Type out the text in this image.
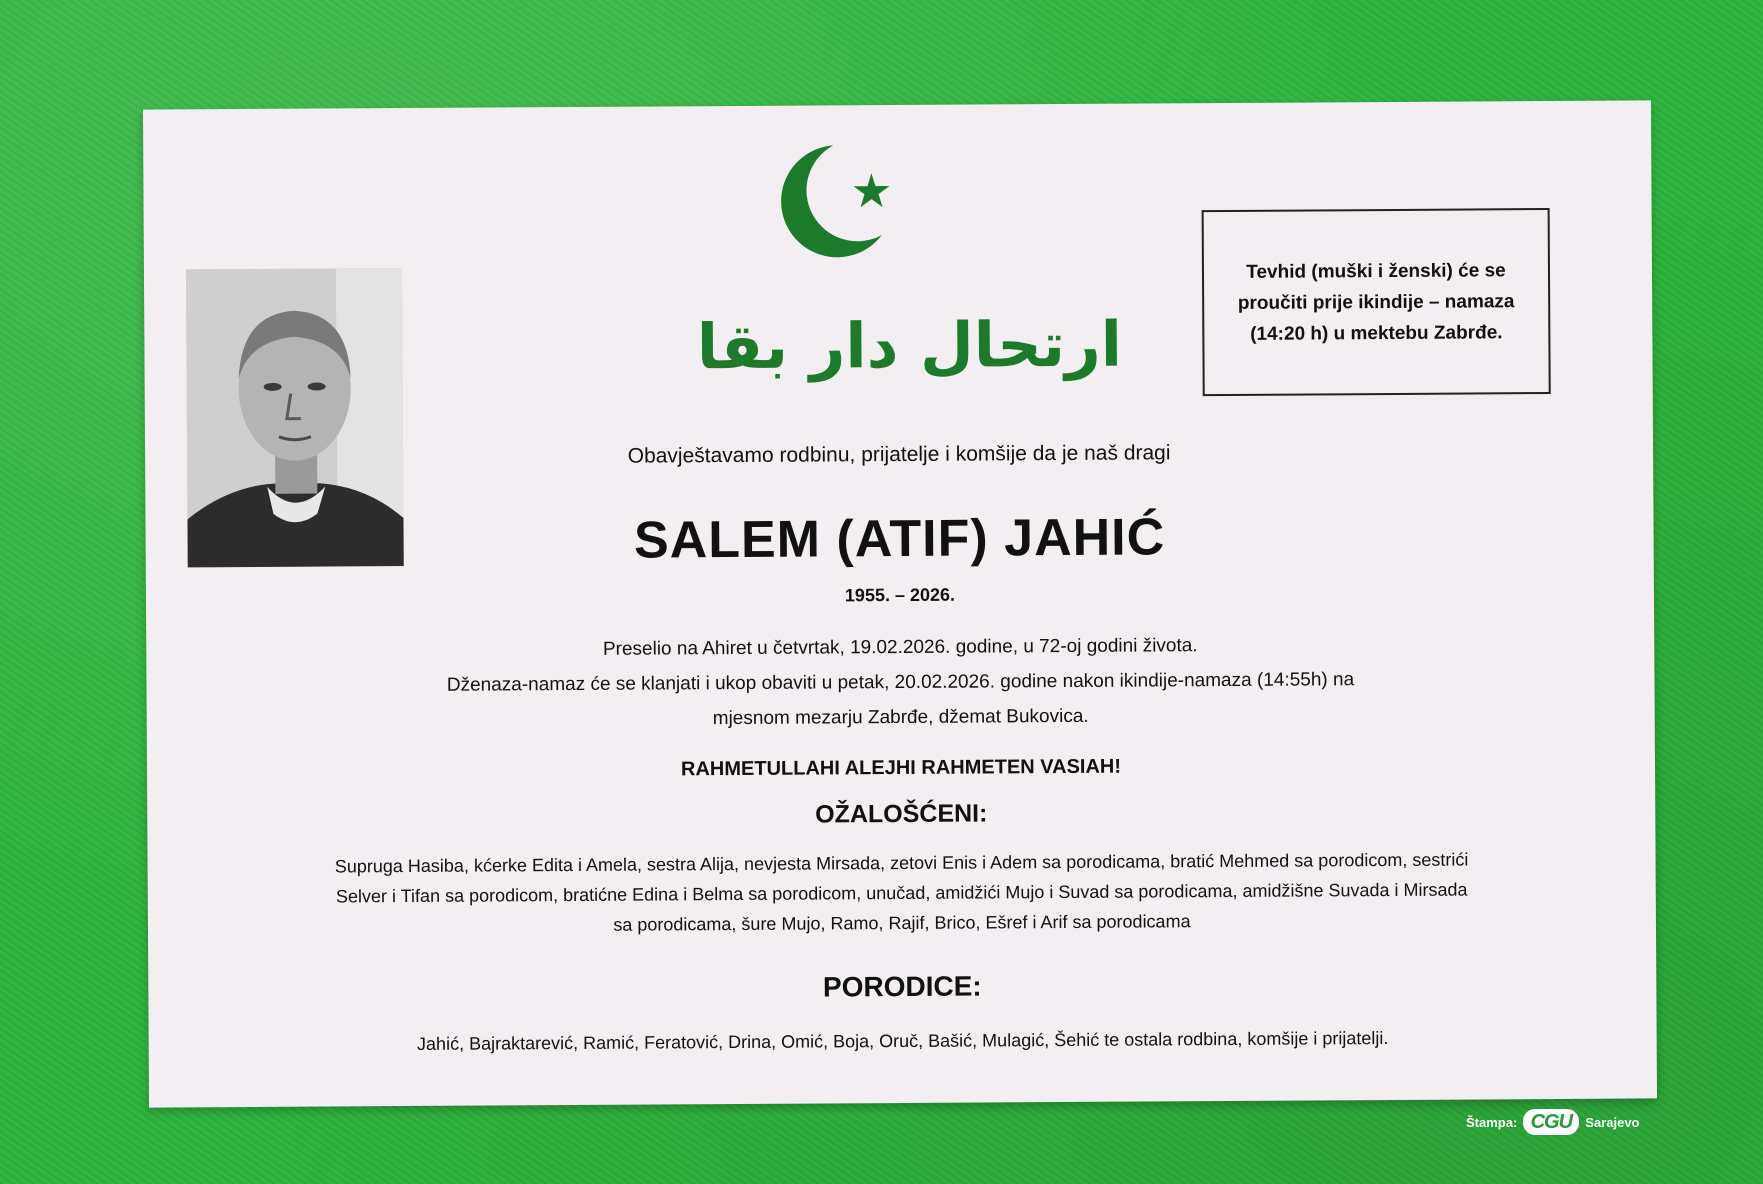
ارتحال دار بقا
Tevhid (muški i ženski) će se proučiti prije ikindije – namaza (14:20 h) u mektebu Zabrđe.
Obavještavamo rodbinu, prijatelje i komšije da je naš dragi
SALEM (ATIF) JAHIĆ
1955. – 2026.

Preselio na Ahiret u četvrtak, 19.02.2026. godine, u 72-oj godini života.

Dženaza-namaz će se klanjati i ukop obaviti u petak, 20.02.2026. godine nakon ikindije-namaza (14:55h) na

mjesnom mezarju Zabrđe, džemat Bukovica.

RAHMETULLAHI ALEJHI RAHMETEN VASIAH!
OŽALOŠĆENI:
Supruga Hasiba, kćerke Edita i Amela, sestra Alija, nevjesta Mirsada, zetovi Enis i Adem sa porodicama, bratić Mehmed sa porodicom, sestrići Selver i Tifan sa porodicom, bratićne Edina i Belma sa porodicom, unučad, amidžići Mujo i Suvad sa porodicama, amidžišne Suvada i Mirsada sa porodicama, šure Mujo, Ramo, Rajif, Brico, Ešref i Arif sa porodicama
PORODICE:
Jahić, Bajraktarević, Ramić, Feratović, Drina, Omić, Boja, Oruč, Bašić, Mulagić, Šehić te ostala rodbina, komšije i prijatelji.
Štampa: CGU	Sarajevo
